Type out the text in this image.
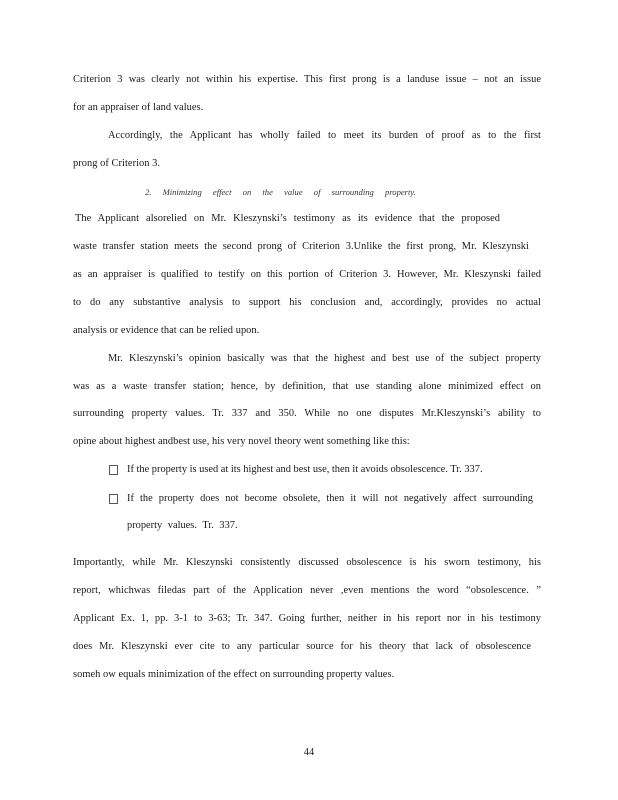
Criterion 3 was clearly not within his expertise. This first prong is a landuse issue – not an issue
for an appraiser of land values.
Accordingly, the Applicant has wholly failed to meet its burden of proof as to the first
prong of Criterion 3.
2. Minimizing effect on the value of surrounding property.
The Applicant alsorelied on Mr. Kleszynski’s testimony as its evidence that the proposed
waste transfer station meets the second prong of Criterion 3.Unlike the first prong, Mr. Kleszynski
as an appraiser is qualified to testify on this portion of Criterion 3. However, Mr. Kleszynski failed
to do any substantive analysis to support his conclusion and, accordingly, provides no actual
analysis or evidence that can be relied upon.
Mr. Kleszynski’s opinion basically was that the highest and best use of the subject property
was as a waste transfer station; hence, by definition, that use standing alone minimized effect on
surrounding property values. Tr. 337 and 350. While no one disputes Mr.Kleszynski’s ability to
opine about highest andbest use, his very novel theory went something like this:
If the property is used at its highest and best use, then it avoids obsolescence. Tr. 337.
If the property does not become obsolete, then it will not negatively affect surrounding
property values. Tr. 337.
Importantly, while Mr. Kleszynski consistently discussed obsolescence is his sworn testimony, his
report, whichwas filedas part of the Application never ,even mentions the word “obsolescence. ”
Applicant Ex. 1, pp. 3-1 to 3-63; Tr. 347. Going further, neither in his report nor in his testimony
does Mr. Kleszynski ever cite to any particular source for his theory that lack of obsolescence
someh ow equals minimization of the effect on surrounding property values.
44
